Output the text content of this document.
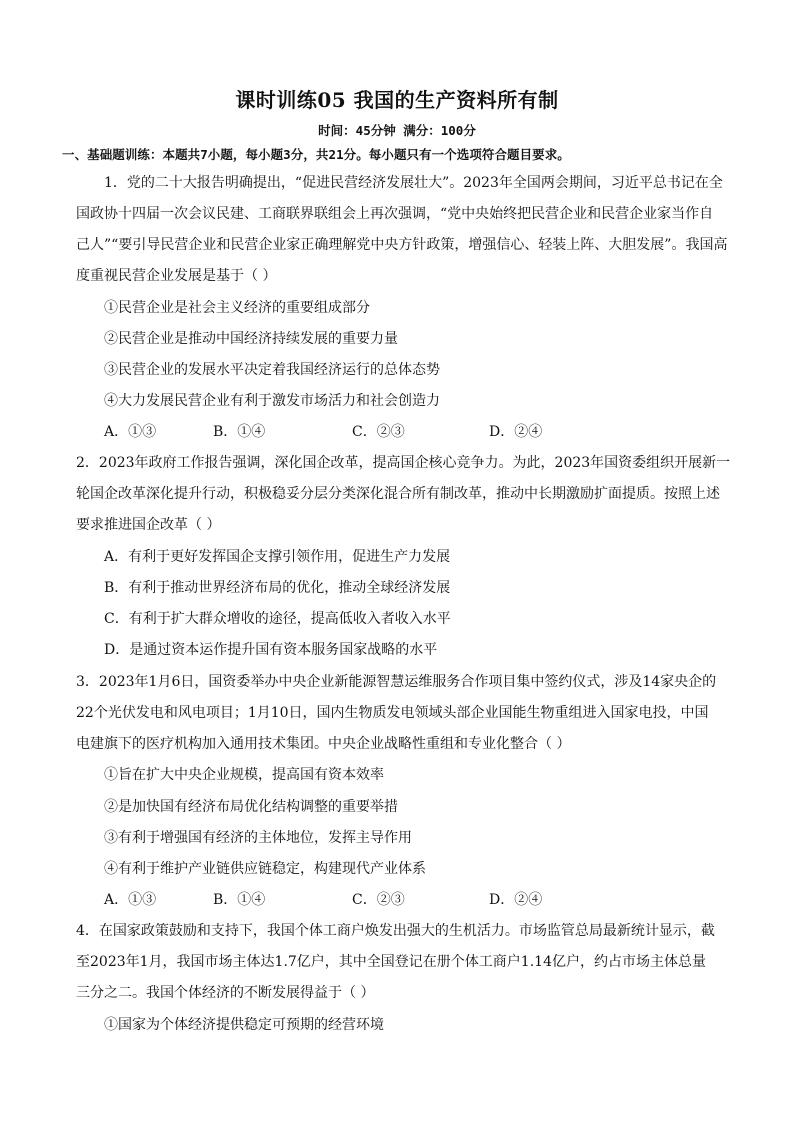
课时训练05 我国的生产资料所有制
时间：45分钟 满分：100分
一、基础题训练：本题共7小题，每小题3分，共21分。每小题只有一个选项符合题目要求。
1．党的二十大报告明确提出，“促进民营经济发展壮大”。2023年全国两会期间，习近平总书记在全
国政协十四届一次会议民建、工商联界联组会上再次强调，“党中央始终把民营企业和民营企业家当作自
己人”“要引导民营企业和民营企业家正确理解党中央方针政策，增强信心、轻装上阵、大胆发展”。我国高
度重视民营企业发展是基于（ ）
①民营企业是社会主义经济的重要组成部分
②民营企业是推动中国经济持续发展的重要力量
③民营企业的发展水平决定着我国经济运行的总体态势
④大力发展民营企业有利于激发市场活力和社会创造力
A．①③	B．①④	C．②③	D．②④
2．2023年政府工作报告强调，深化国企改革，提高国企核心竞争力。为此，2023年国资委组织开展新一
轮国企改革深化提升行动，积极稳妥分层分类深化混合所有制改革，推动中长期激励扩面提质。按照上述
要求推进国企改革（ ）
A．有利于更好发挥国企支撑引领作用，促进生产力发展
B．有利于推动世界经济布局的优化，推动全球经济发展
C．有利于扩大群众增收的途径，提高低收入者收入水平
D．是通过资本运作提升国有资本服务国家战略的水平
3．2023年1月6日，国资委举办中央企业新能源智慧运维服务合作项目集中签约仪式，涉及14家央企的
22个光伏发电和风电项目；1月10日，国内生物质发电领域头部企业国能生物重组进入国家电投，中国
电建旗下的医疗机构加入通用技术集团。中央企业战略性重组和专业化整合（ ）
①旨在扩大中央企业规模，提高国有资本效率
②是加快国有经济布局优化结构调整的重要举措
③有利于增强国有经济的主体地位，发挥主导作用
④有利于维护产业链供应链稳定，构建现代产业体系
A．①③	B．①④	C．②③	D．②④
4．在国家政策鼓励和支持下，我国个体工商户焕发出强大的生机活力。市场监管总局最新统计显示，截
至2023年1月，我国市场主体达1.7亿户，其中全国登记在册个体工商户1.14亿户，约占市场主体总量
三分之二。我国个体经济的不断发展得益于（ ）
①国家为个体经济提供稳定可预期的经营环境
